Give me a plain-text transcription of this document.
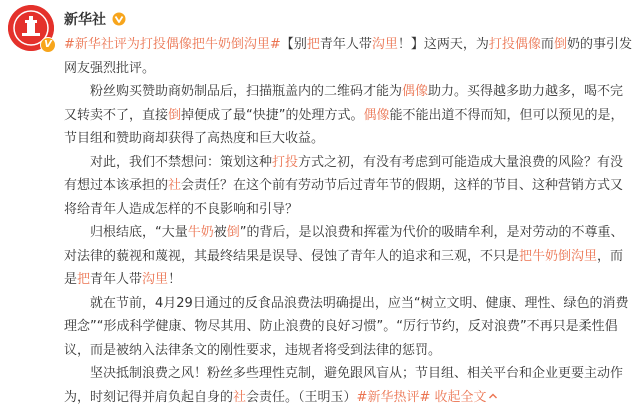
V
新华社

#新华社评为打投偶像把牛奶倒沟里#【别把青年人带沟里！】这两天，为打投偶像而倒奶的事引发网友强烈批评。

粉丝购买赞助商奶制品后，扫描瓶盖内的二维码才能为偶像助力。买得越多助力越多，喝不完又转卖不了，直接倒掉便成了最“快捷”的处理方式。偶像能不能出道不得而知，但可以预见的是，节目组和赞助商却获得了高热度和巨大收益。

对此，我们不禁想问：策划这种打投方式之初，有没有考虑到可能造成大量浪费的风险？有没有想过本该承担的社会责任？在这个前有劳动节后过青年节的假期，这样的节目、这种营销方式又将给青年人造成怎样的不良影响和引导？

归根结底，“大量牛奶被倒”的背后，是以浪费和挥霍为代价的吸睛牟利，是对劳动的不尊重、对法律的藐视和蔑视，其最终结果是误导、侵蚀了青年人的追求和三观，不只是把牛奶倒沟里，而是把青年人带沟里！

就在节前，4月29日通过的反食品浪费法明确提出，应当“树立文明、健康、理性、绿色的消费理念”“形成科学健康、物尽其用、防止浪费的良好习惯”。“厉行节约，反对浪费”不再只是柔性倡议，而是被纳入法律条文的刚性要求，违规者将受到法律的惩罚。

坚决抵制浪费之风！粉丝多些理性克制，避免跟风盲从；节目组、相关平台和企业更要主动作为，时刻记得并肩负起自身的社会责任。（王明玉）#新华热评# 收起全文
